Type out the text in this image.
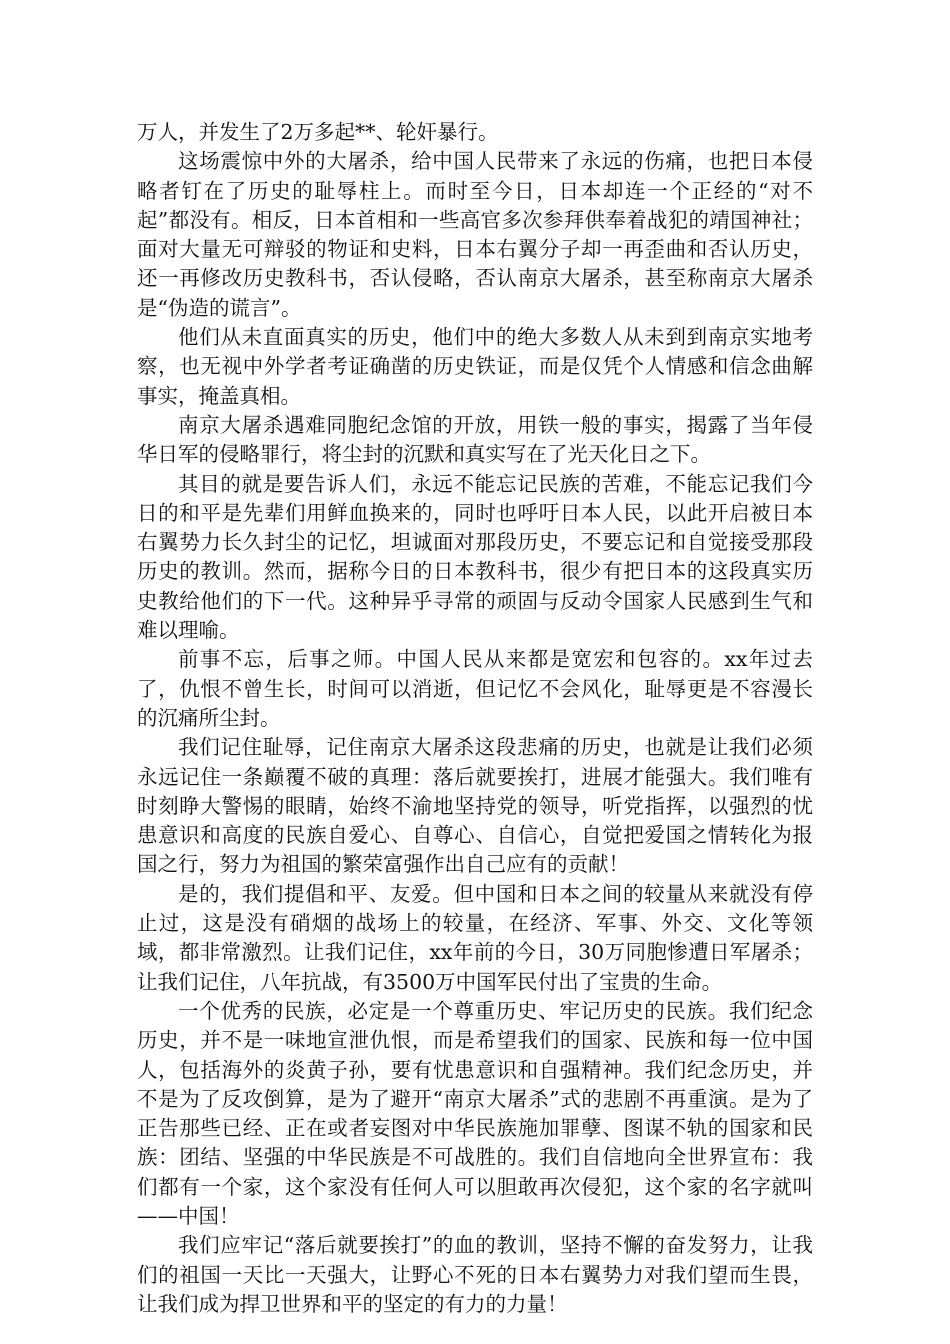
万人，并发生了2万多起**、轮奸暴行。

这场震惊中外的大屠杀，给中国人民带来了永远的伤痛，也把日本侵略者钉在了历史的耻辱柱上。而时至今日，日本却连一个正经的“对不起”都没有。相反，日本首相和一些高官多次参拜供奉着战犯的靖国神社；面对大量无可辩驳的物证和史料，日本右翼分子却一再歪曲和否认历史，还一再修改历史教科书，否认侵略，否认南京大屠杀，甚至称南京大屠杀是“伪造的谎言”。

他们从未直面真实的历史，他们中的绝大多数人从未到到南京实地考察，也无视中外学者考证确凿的历史铁证，而是仅凭个人情感和信念曲解事实，掩盖真相。

南京大屠杀遇难同胞纪念馆的开放，用铁一般的事实，揭露了当年侵华日军的侵略罪行，将尘封的沉默和真实写在了光天化日之下。

其目的就是要告诉人们，永远不能忘记民族的苦难，不能忘记我们今日的和平是先辈们用鲜血换来的，同时也呼吁日本人民，以此开启被日本右翼势力长久封尘的记忆，坦诚面对那段历史，不要忘记和自觉接受那段历史的教训。然而，据称今日的日本教科书，很少有把日本的这段真实历史教给他们的下一代。这种异乎寻常的顽固与反动令国家人民感到生气和难以理喻。

前事不忘，后事之师。中国人民从来都是宽宏和包容的。xx年过去了，仇恨不曾生长，时间可以消逝，但记忆不会风化，耻辱更是不容漫长的沉痛所尘封。

我们记住耻辱，记住南京大屠杀这段悲痛的历史，也就是让我们必须永远记住一条巅覆不破的真理：落后就要挨打，进展才能强大。我们唯有时刻睁大警惕的眼睛，始终不渝地坚持党的领导，听党指挥，以强烈的忧患意识和高度的民族自爱心、自尊心、自信心，自觉把爱国之情转化为报国之行，努力为祖国的繁荣富强作出自己应有的贡献！

是的，我们提倡和平、友爱。但中国和日本之间的较量从来就没有停止过，这是没有硝烟的战场上的较量，在经济、军事、外交、文化等领域，都非常激烈。让我们记住，xx年前的今日，30万同胞惨遭日军屠杀；让我们记住，八年抗战，有3500万中国军民付出了宝贵的生命。

一个优秀的民族，必定是一个尊重历史、牢记历史的民族。我们纪念历史，并不是一味地宣泄仇恨，而是希望我们的国家、民族和每一位中国人，包括海外的炎黄子孙，要有忧患意识和自强精神。我们纪念历史，并不是为了反攻倒算，是为了避开“南京大屠杀”式的悲剧不再重演。是为了正告那些已经、正在或者妄图对中华民族施加罪孽、图谋不轨的国家和民族：团结、坚强的中华民族是不可战胜的。我们自信地向全世界宣布：我们都有一个家，这个家没有任何人可以胆敢再次侵犯，这个家的名字就叫——中国！

我们应牢记“落后就要挨打”的血的教训，坚持不懈的奋发努力，让我们的祖国一天比一天强大，让野心不死的日本右翼势力对我们望而生畏，让我们成为捍卫世界和平的坚定的有力的力量！
